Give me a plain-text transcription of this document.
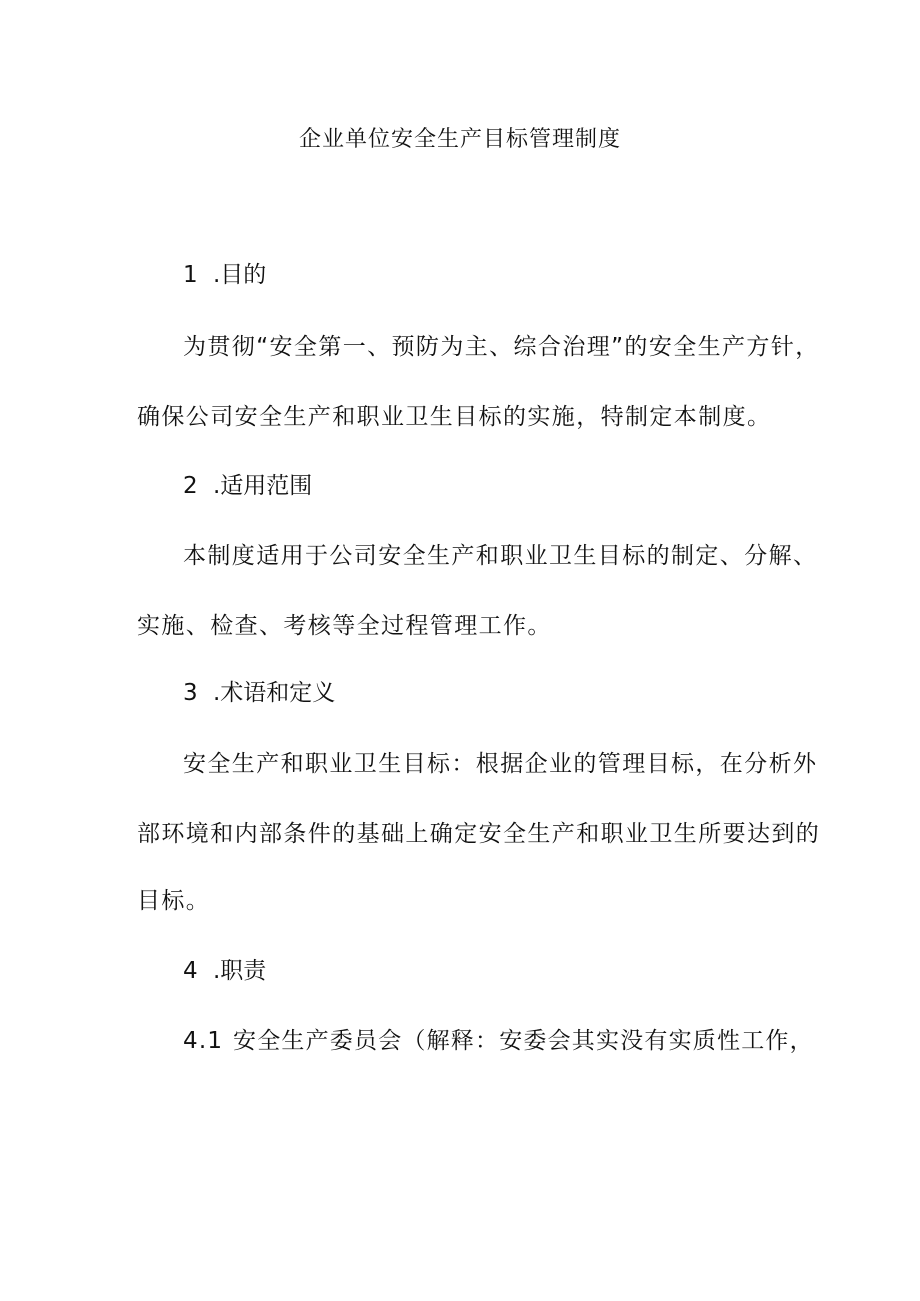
企业单位安全生产目标管理制度
1 .目的
为贯彻“安全第一、预防为主、综合治理”的安全生产方针，
确保公司安全生产和职业卫生目标的实施，特制定本制度。
2 .适用范围
本制度适用于公司安全生产和职业卫生目标的制定、分解、
实施、检查、考核等全过程管理工作。
3 .术语和定义
安全生产和职业卫生目标：根据企业的管理目标，在分析外
部环境和内部条件的基础上确定安全生产和职业卫生所要达到的
目标。
4 .职责
4.1 安全生产委员会（解释：安委会其实没有实质性工作，
